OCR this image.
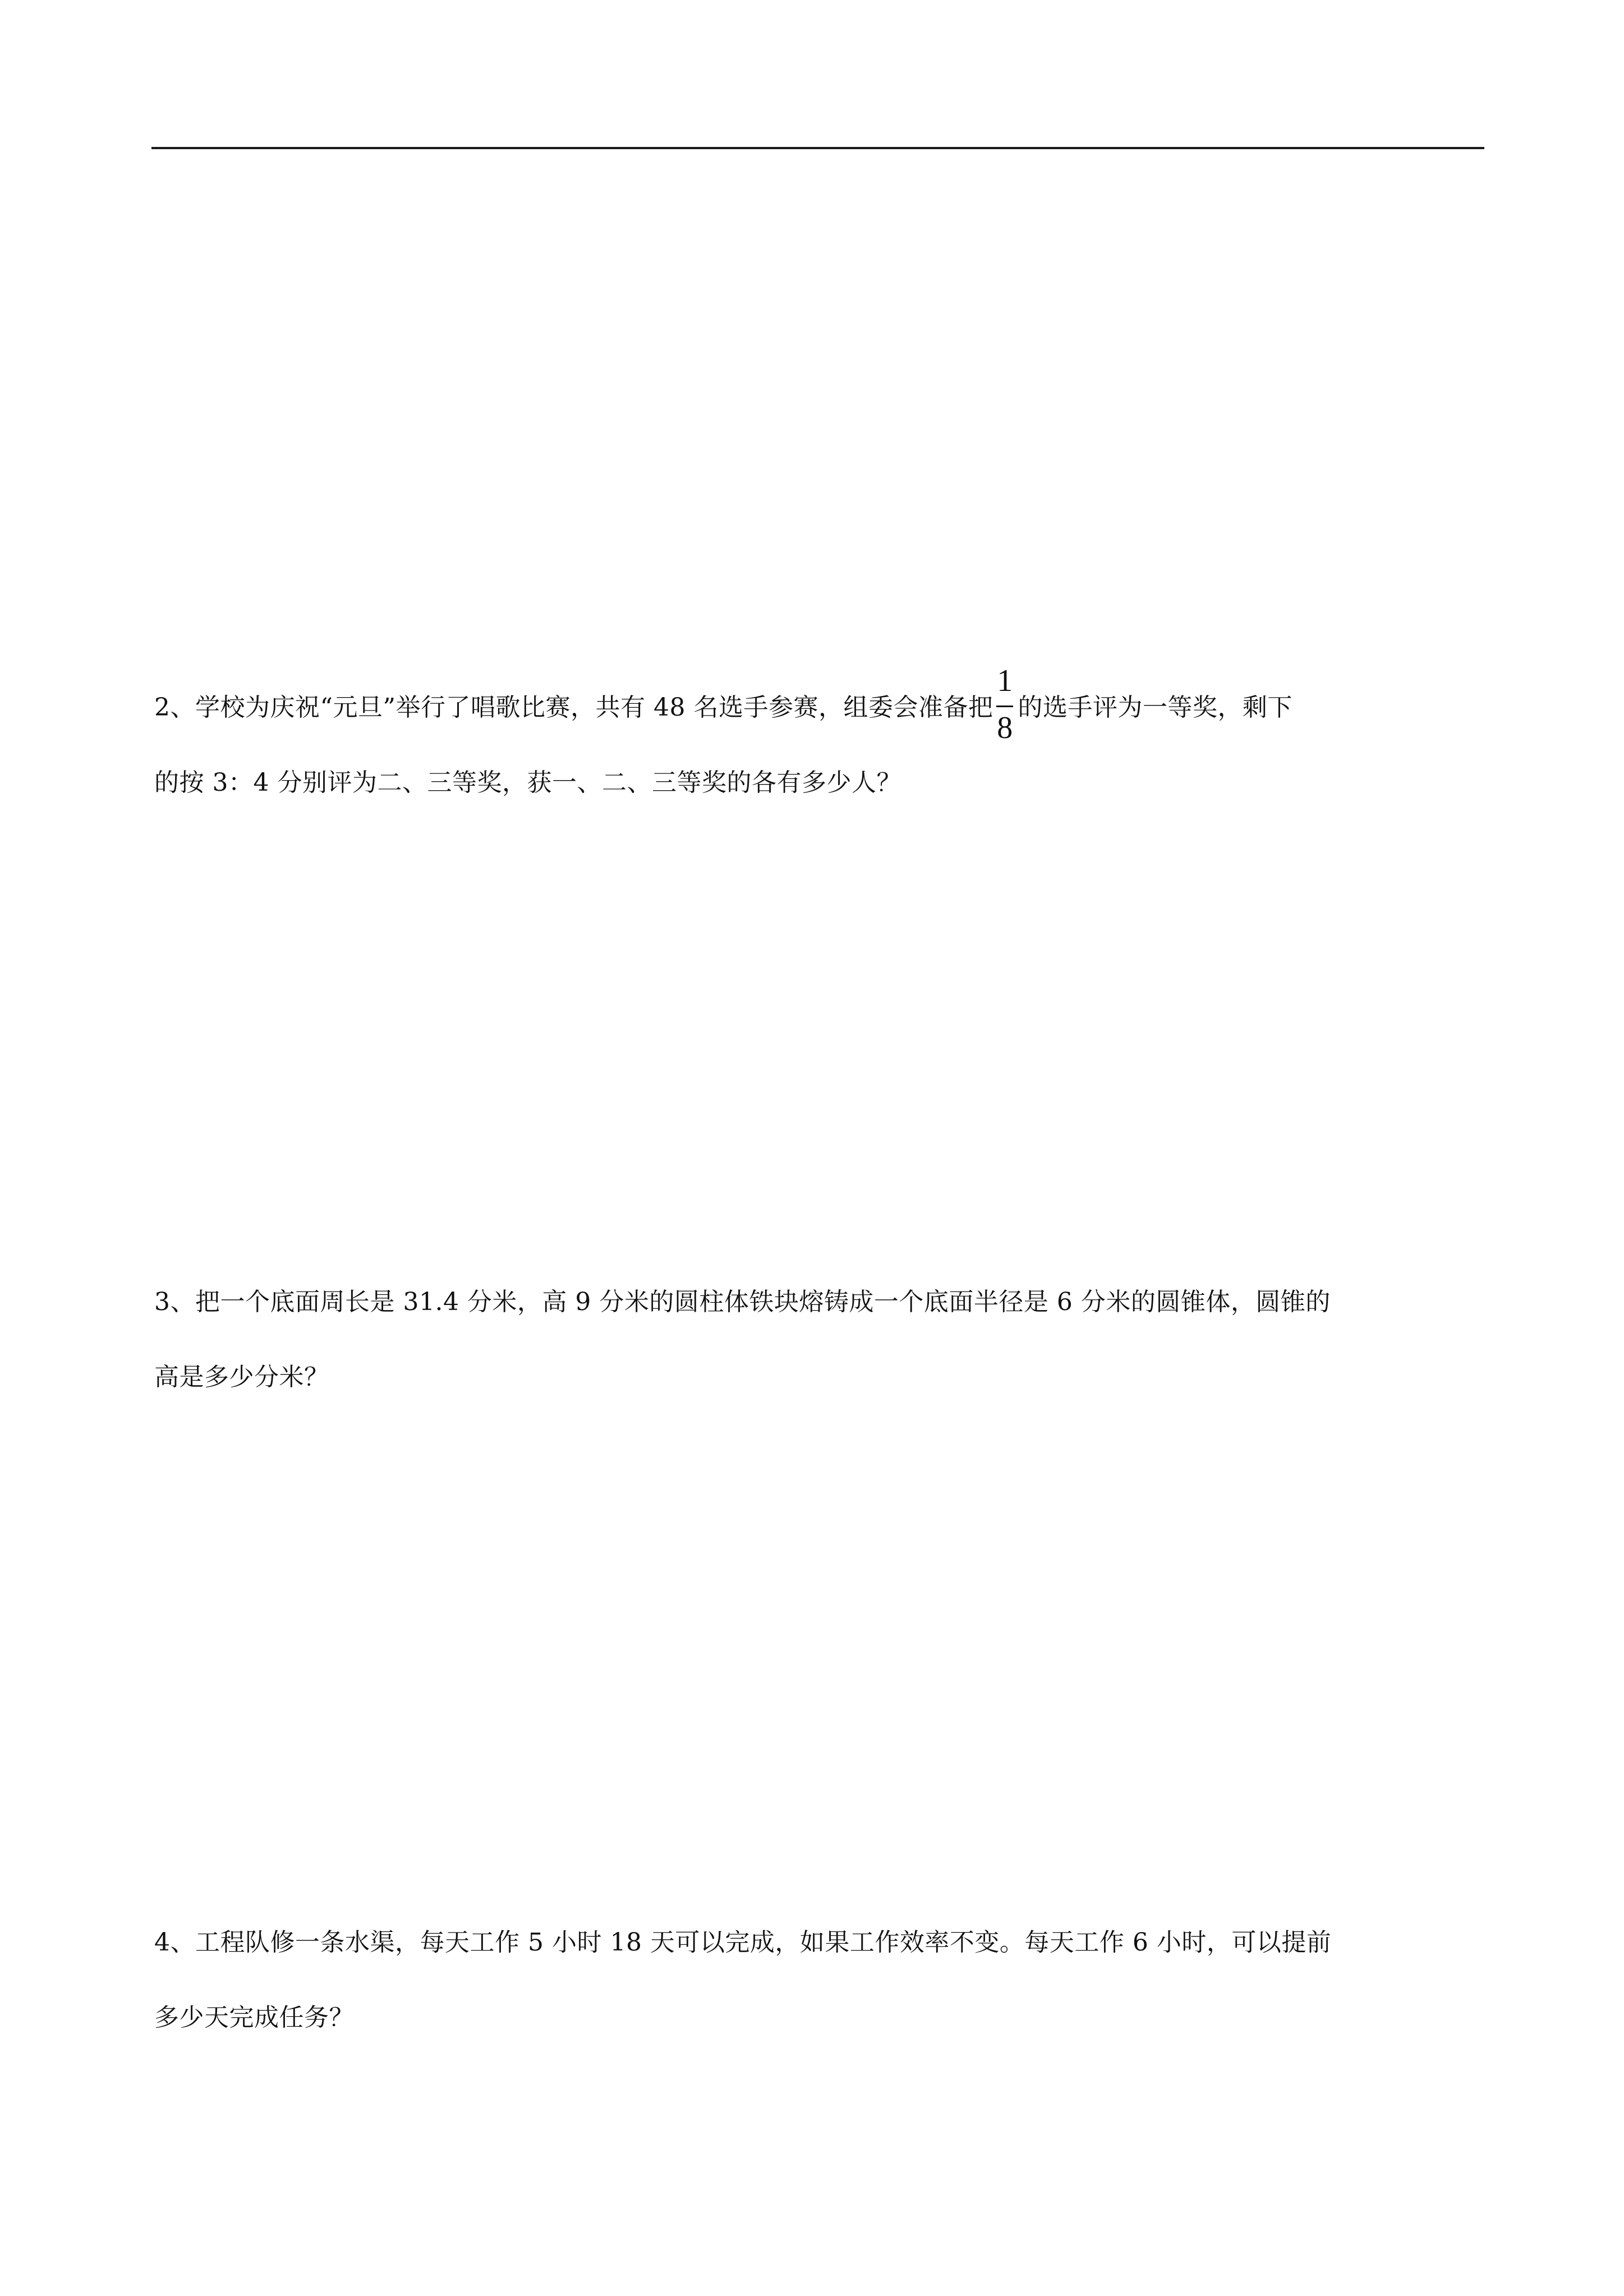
2、学校为庆祝“元旦”举行了唱歌比赛，共有 48 名选手参赛，组委会准备把 $\frac{1}{8}$ 的选手评为一等奖，剩下
的按 3：4 分别评为二、三等奖，获一、二、三等奖的各有多少人？
3、把一个底面周长是 31.4 分米，高 9 分米的圆柱体铁块熔铸成一个底面半径是 6 分米的圆锥体，圆锥的
高是多少分米？
4、工程队修一条水渠，每天工作 5 小时 18 天可以完成，如果工作效率不变。每天工作 6 小时，可以提前
多少天完成任务？
